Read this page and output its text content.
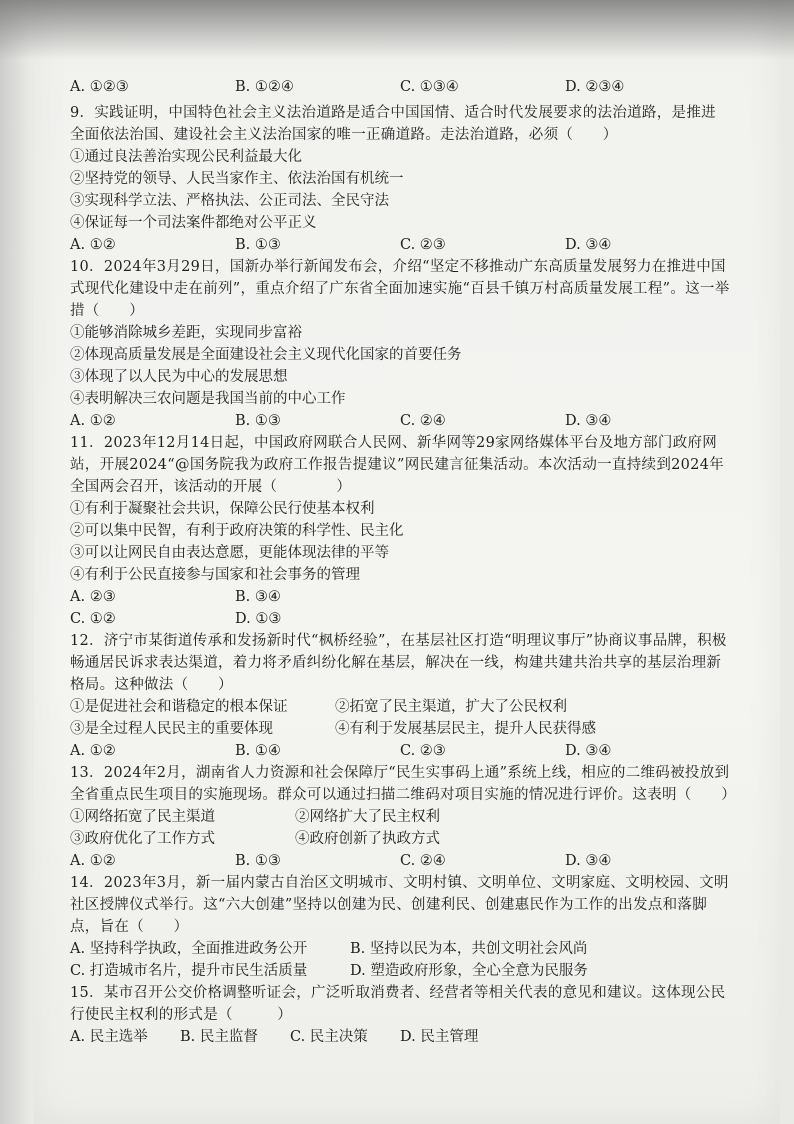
A. ①②③	B. ①②④	C. ①③④	D. ②③④

9．实践证明，中国特色社会主义法治道路是适合中国国情、适合时代发展要求的法治道路，是推进全面依法治国、建设社会主义法治国家的唯一正确道路。走法治道路，必须（　　）

①通过良法善治实现公民利益最大化

②坚持党的领导、人民当家作主、依法治国有机统一

③实现科学立法、严格执法、公正司法、全民守法

④保证每一个司法案件都绝对公平正义

A. ①②	B. ①③	C. ②③	D. ③④

10．2024年3月29日，国新办举行新闻发布会，介绍“坚定不移推动广东高质量发展努力在推进中国式现代化建设中走在前列”，重点介绍了广东省全面加速实施“百县千镇万村高质量发展工程”。这一举措（　　）

①能够消除城乡差距，实现同步富裕

②体现高质量发展是全面建设社会主义现代化国家的首要任务

③体现了以人民为中心的发展思想

④表明解决三农问题是我国当前的中心工作

A. ①②	B. ①③	C. ②④	D. ③④

11．2023年12月14日起，中国政府网联合人民网、新华网等29家网络媒体平台及地方部门政府网站，开展2024“@国务院我为政府工作报告提建议”网民建言征集活动。本次活动一直持续到2024年全国两会召开，该活动的开展（　　　　）

①有利于凝聚社会共识，保障公民行使基本权利

②可以集中民智，有利于政府决策的科学性、民主化

③可以让网民自由表达意愿，更能体现法律的平等

④有利于公民直接参与国家和社会事务的管理

A. ②③	B. ③④
C. ①②	D. ①③

12．济宁市某街道传承和发扬新时代“枫桥经验”，在基层社区打造“明理议事厅”协商议事品牌，积极畅通居民诉求表达渠道，着力将矛盾纠纷化解在基层，解决在一线，构建共建共治共享的基层治理新格局。这种做法（　　）

①是促进社会和谐稳定的根本保证	②拓宽了民主渠道，扩大了公民权利
③是全过程人民民主的重要体现	④有利于发展基层民主，提升人民获得感
A. ①②	B. ①④	C. ②③	D. ③④

13．2024年2月，湖南省人力资源和社会保障厅“民生实事码上通”系统上线，相应的二维码被投放到全省重点民生项目的实施现场。群众可以通过扫描二维码对项目实施的情况进行评价。这表明（　　）

①网络拓宽了民主渠道	②网络扩大了民主权利
③政府优化了工作方式	④政府创新了执政方式
A. ①②	B. ①③	C. ②④	D. ③④

14．2023年3月，新一届内蒙古自治区文明城市、文明村镇、文明单位、文明家庭、文明校园、文明社区授牌仪式举行。这“六大创建”坚持以创建为民、创建利民、创建惠民作为工作的出发点和落脚点，旨在（　　）

A. 坚持科学执政，全面推进政务公开	B. 坚持以民为本，共创文明社会风尚
C. 打造城市名片，提升市民生活质量	D. 塑造政府形象，全心全意为民服务

15．某市召开公交价格调整听证会，广泛听取消费者、经营者等相关代表的意见和建议。这体现公民行使民主权利的形式是（　　　）

A. 民主选举	B. 民主监督	C. 民主决策	D. 民主管理
